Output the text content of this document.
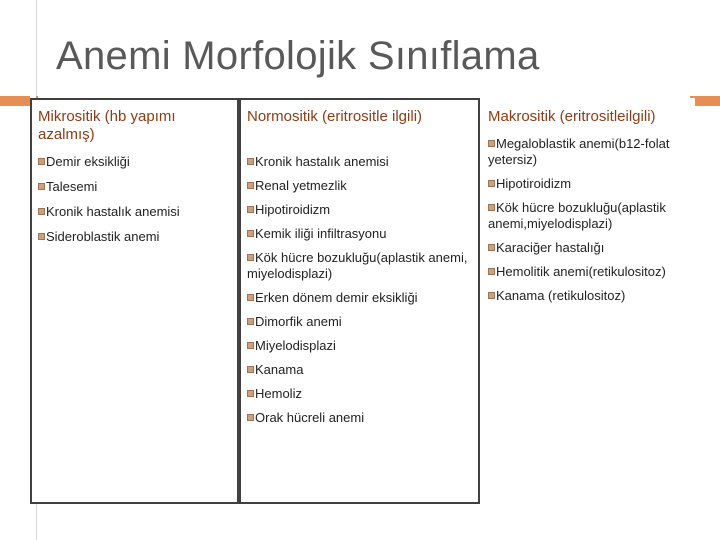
Anemi Morfolojik Sınıflama
Mikrositik (hb yapımı azalmış)
Demir eksikliği
Talesemi
Kronik hastalık anemisi
Sideroblastik anemi
Normositik (eritrositle ilgili)
Kronik hastalık anemisi
Renal yetmezlik
Hipotiroidizm
Kemik iliği infiltrasyonu
Kök hücre bozukluğu(aplastik anemi, miyelodisplazi)
Erken dönem demir eksikliği
Dimorfik anemi
Miyelodisplazi
Kanama
Hemoliz
Orak hücreli anemi
Makrositik (eritrositleilgili)
Megaloblastik anemi(b12-folat yetersiz)
Hipotiroidizm
Kök hücre bozukluğu(aplastik anemi,miyelodisplazi)
Karaciğer hastalığı
Hemolitik anemi(retikulositoz)
Kanama (retikulositoz)
